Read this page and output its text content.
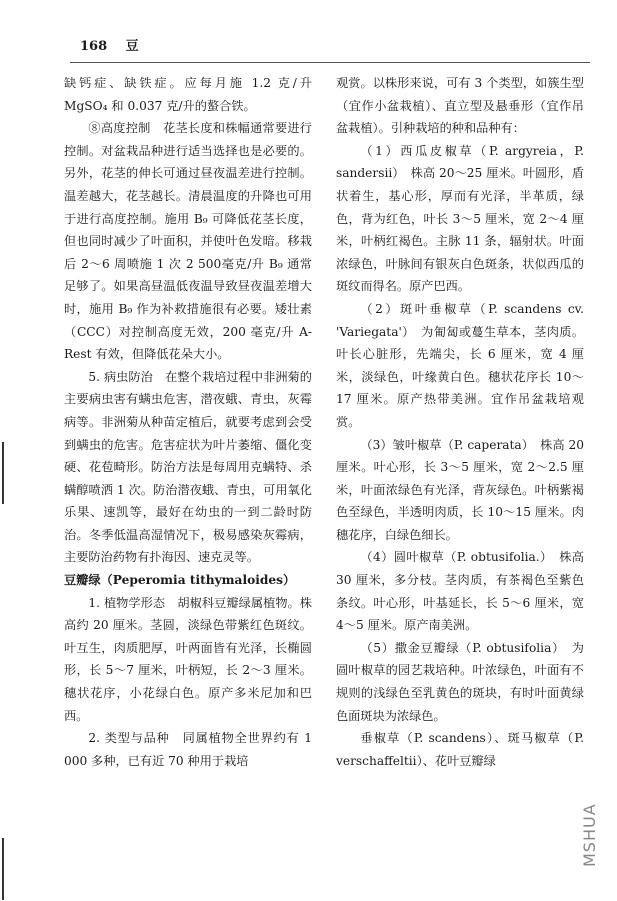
168 豆

缺钙症、缺铁症。应每月施 1.2 克/升 MgSO₄ 和 0.037 克/升的螯合铁。

⑧高度控制　花茎长度和株幅通常要进行控制。对盆栽品种进行适当选择也是必要的。另外，花茎的伸长可通过昼夜温差进行控制。温差越大，花茎越长。清晨温度的升降也可用于进行高度控制。施用 B₉ 可降低花茎长度，但也同时减少了叶面积，并使叶色发暗。移栽后 2～6 周喷施 1 次 2 500毫克/升 B₉ 通常足够了。如果高昼温低夜温导致昼夜温差增大时，施用 B₉ 作为补救措施很有必要。矮壮素（CCC）对控制高度无效，200 毫克/升 A-Rest 有效，但降低花朵大小。

5. 病虫防治　在整个栽培过程中非洲菊的主要病虫害有螨虫危害，潜夜蛾、青虫，灰霉病等。非洲菊从种苗定植后，就要考虑到会受到螨虫的危害。危害症状为叶片萎缩、僵化变硬、花苞畸形。防治方法是每周用克螨特、杀螨醇喷洒 1 次。防治潜夜蛾、青虫，可用氧化乐果、速凯等，最好在幼虫的一到二龄时防治。冬季低温高湿情况下，极易感染灰霉病，主要防治药物有扑海因、速克灵等。

豆瓣绿（Peperomia tithymaloides）

1. 植物学形态　胡椒科豆瓣绿属植物。株高约 20 厘米。茎圆，淡绿色带紫红色斑纹。叶互生，肉质肥厚，叶两面皆有光泽，长椭圆形，长 5～7 厘米，叶柄短，长 2～3 厘米。穗状花序，小花绿白色。原产多米尼加和巴西。

2. 类型与品种　同属植物全世界约有 1 000 多种，已有近 70 种用于栽培

观赏。以株形来说，可有 3 个类型，如簇生型（宜作小盆栽植）、直立型及悬垂形（宜作吊盆栽植）。引种栽培的种和品种有：

（1）西瓜皮椒草（P. argyreia，P. sandersii）　株高 20～25 厘米。叶圆形，盾状着生，基心形，厚而有光泽，半革质，绿色，背为红色，叶长 3～5 厘米，宽 2～4 厘米，叶柄红褐色。主脉 11 条，辐射状。叶面浓绿色，叶脉间有银灰白色斑条，状似西瓜的斑纹而得名。原产巴西。

（2）斑叶垂椒草（P. scandens cv. 'Variegata'）　为匍匐或蔓生草本，茎肉质。叶长心脏形，先端尖，长 6 厘米，宽 4 厘米，淡绿色，叶缘黄白色。穗状花序长 10～17 厘米。原产热带美洲。宜作吊盆栽培观赏。

（3）皱叶椒草（P. caperata）　株高 20 厘米。叶心形，长 3～5 厘米，宽 2～2.5 厘米，叶面浓绿色有光泽，背灰绿色。叶柄紫褐色至绿色，半透明肉质，长 10～15 厘米。肉穗花序，白绿色细长。

（4）圆叶椒草（P. obtusifolia.）　株高 30 厘米，多分枝。茎肉质，有茶褐色至紫色条纹。叶心形，叶基延长，长 5～6 厘米，宽 4～5 厘米。原产南美洲。

（5）撒金豆瓣绿（P. obtusifolia）　为圆叶椒草的园艺栽培种。叶浓绿色，叶面有不规则的浅绿色至乳黄色的斑块，有时叶面黄绿色面斑块为浓绿色。

垂椒草（P. scandens）、斑马椒草（P. verschaffeltii）、花叶豆瓣绿

MSHUA
